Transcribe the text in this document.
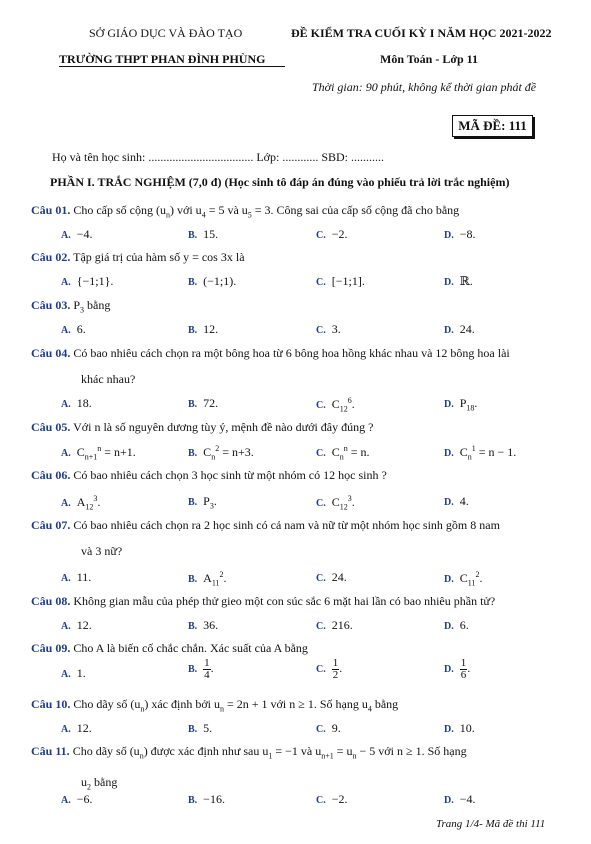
SỞ GIÁO DỤC VÀ ĐÀO TẠO
TRƯỜNG THPT PHAN ĐÌNH PHÙNG
ĐỀ KIỂM TRA CUỐI KỲ I NĂM HỌC 2021-2022
Môn Toán - Lớp 11
Thời gian: 90 phút, không kể thời gian phát đề
MÃ ĐỀ: 111
Họ và tên học sinh: ................................... Lớp: ............ SBD: ...........
PHẦN I. TRẮC NGHIỆM (7,0 đ) (Học sinh tô đáp án đúng vào phiếu trả lời trắc nghiệm)
Câu 01. Cho cấp số cộng $(u_n)$ với $u_4 = 5$ và $u_5 = 3$. Công sai của cấp số cộng đã cho bằng
A. −4.	B. 15.	C. −2.	D. −8.
Câu 02. Tập giá trị của hàm số y = cos 3x là
A. {−1;1}.	B. (−1;1).	C. [−1;1].	D. ℝ.
Câu 03. $P_3$ bằng
A. 6.	B. 12.	C. 3.	D. 24.
Câu 04. Có bao nhiêu cách chọn ra một bông hoa từ 6 bông hoa hồng khác nhau và 12 bông hoa lài
khác nhau?
A. 18.	B. 72.	C. $C_{12}^6$.	D. $P_{18}$.
Câu 05. Với n là số nguyên dương tùy ý, mệnh đề nào dưới đây đúng ?
A. $C_{n+1}^n = n+1$.	B. $C_n^2 = n+3$.	C. $C_n^n = n$.	D. $C_n^1 = n - 1$.
Câu 06. Có bao nhiêu cách chọn 3 học sinh từ một nhóm có 12 học sinh ?
A. $A_{12}^3$.	B. $P_3$.	C. $C_{12}^3$.	D. 4.
Câu 07. Có bao nhiêu cách chọn ra 2 học sinh có cả nam và nữ từ một nhóm học sinh gồm 8 nam
và 3 nữ?
A. 11.	B. $A_{11}^2$.	C. 24.	D. $C_{11}^2$.
Câu 08. Không gian mẫu của phép thử gieo một con súc sắc 6 mặt hai lần có bao nhiêu phần tử?
A. 12.	B. 36.	C. 216.	D. 6.
Câu 09. Cho A là biến cố chắc chắn. Xác suất của A bằng
A. 1.	B. $\frac{1}{4}$ .	C. $\frac{1}{2}$ .	D. $\frac{1}{6}$ .
Câu 10. Cho dãy số $(u_n)$ xác định bởi $u_n = 2n + 1$ với n ≥ 1. Số hạng $u_4$ bằng
A. 12.	B. 5.	C. 9.	D. 10.
Câu 11. Cho dãy số $(u_n)$ được xác định như sau $u_1 = -1$ và $u_{n+1} = u_n - 5$ với n ≥ 1. Số hạng
$u_2$ bằng
A. −6.	B. −16.	C. −2.	D. −4.
Trang 1/4- Mã đề thi 111
